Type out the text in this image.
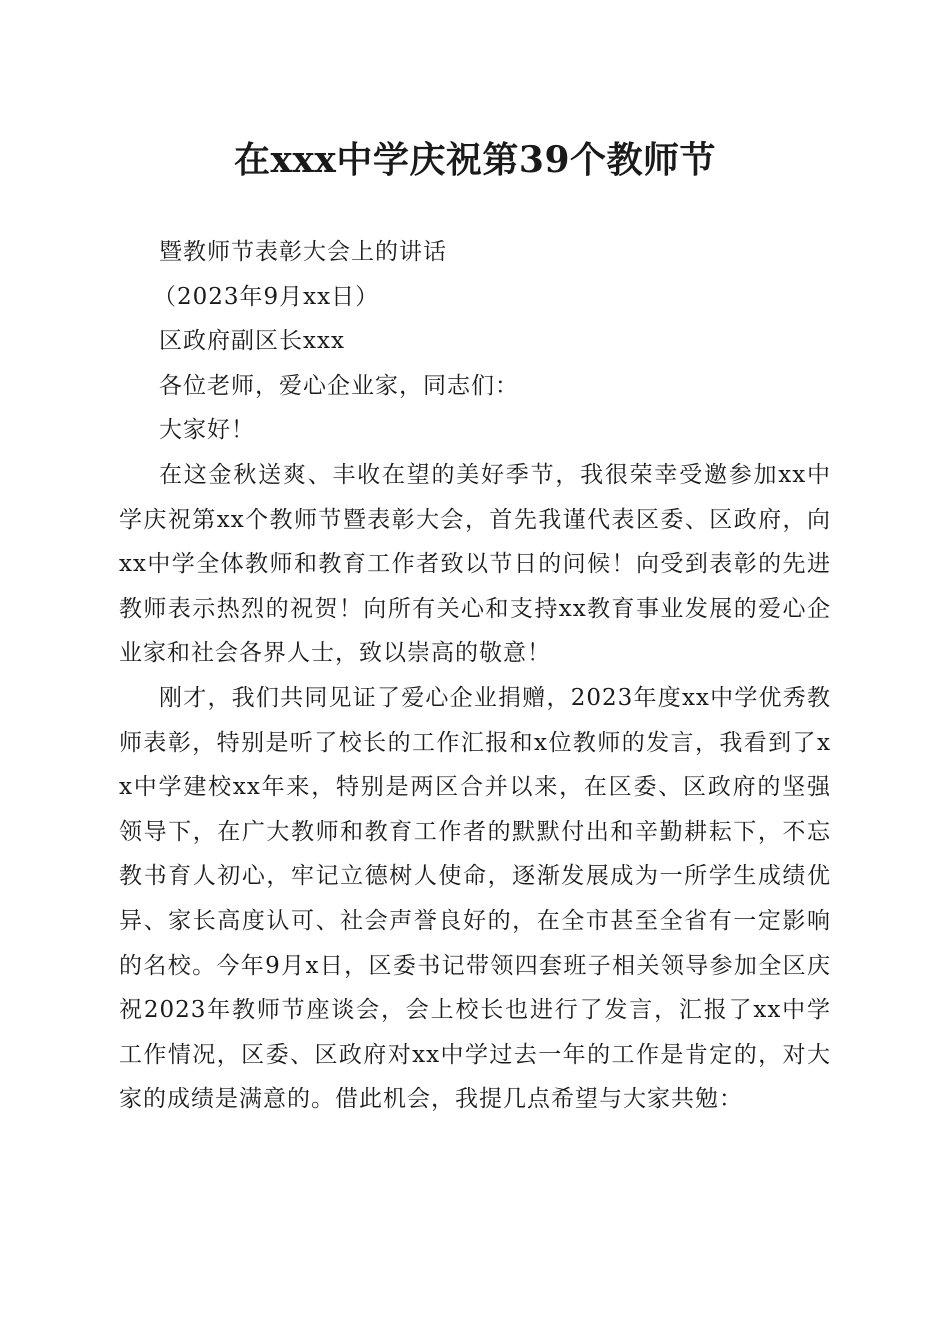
在xxx中学庆祝第39个教师节

暨教师节表彰大会上的讲话

（2023年9月xx日）

区政府副区长xxx

各位老师，爱心企业家，同志们：

大家好！

在这金秋送爽、丰收在望的美好季节，我很荣幸受邀参加xx中学庆祝第xx个教师节暨表彰大会，首先我谨代表区委、区政府，向xx中学全体教师和教育工作者致以节日的问候！向受到表彰的先进教师表示热烈的祝贺！向所有关心和支持xx教育事业发展的爱心企业家和社会各界人士，致以崇高的敬意！

刚才，我们共同见证了爱心企业捐赠，2023年度xx中学优秀教师表彰，特别是听了校长的工作汇报和x位教师的发言，我看到了xx中学建校xx年来，特别是两区合并以来，在区委、区政府的坚强领导下，在广大教师和教育工作者的默默付出和辛勤耕耘下，不忘教书育人初心，牢记立德树人使命，逐渐发展成为一所学生成绩优异、家长高度认可、社会声誉良好的，在全市甚至全省有一定影响的名校。今年9月x日，区委书记带领四套班子相关领导参加全区庆祝2023年教师节座谈会，会上校长也进行了发言，汇报了xx中学工作情况，区委、区政府对xx中学过去一年的工作是肯定的，对大家的成绩是满意的。借此机会，我提几点希望与大家共勉：
